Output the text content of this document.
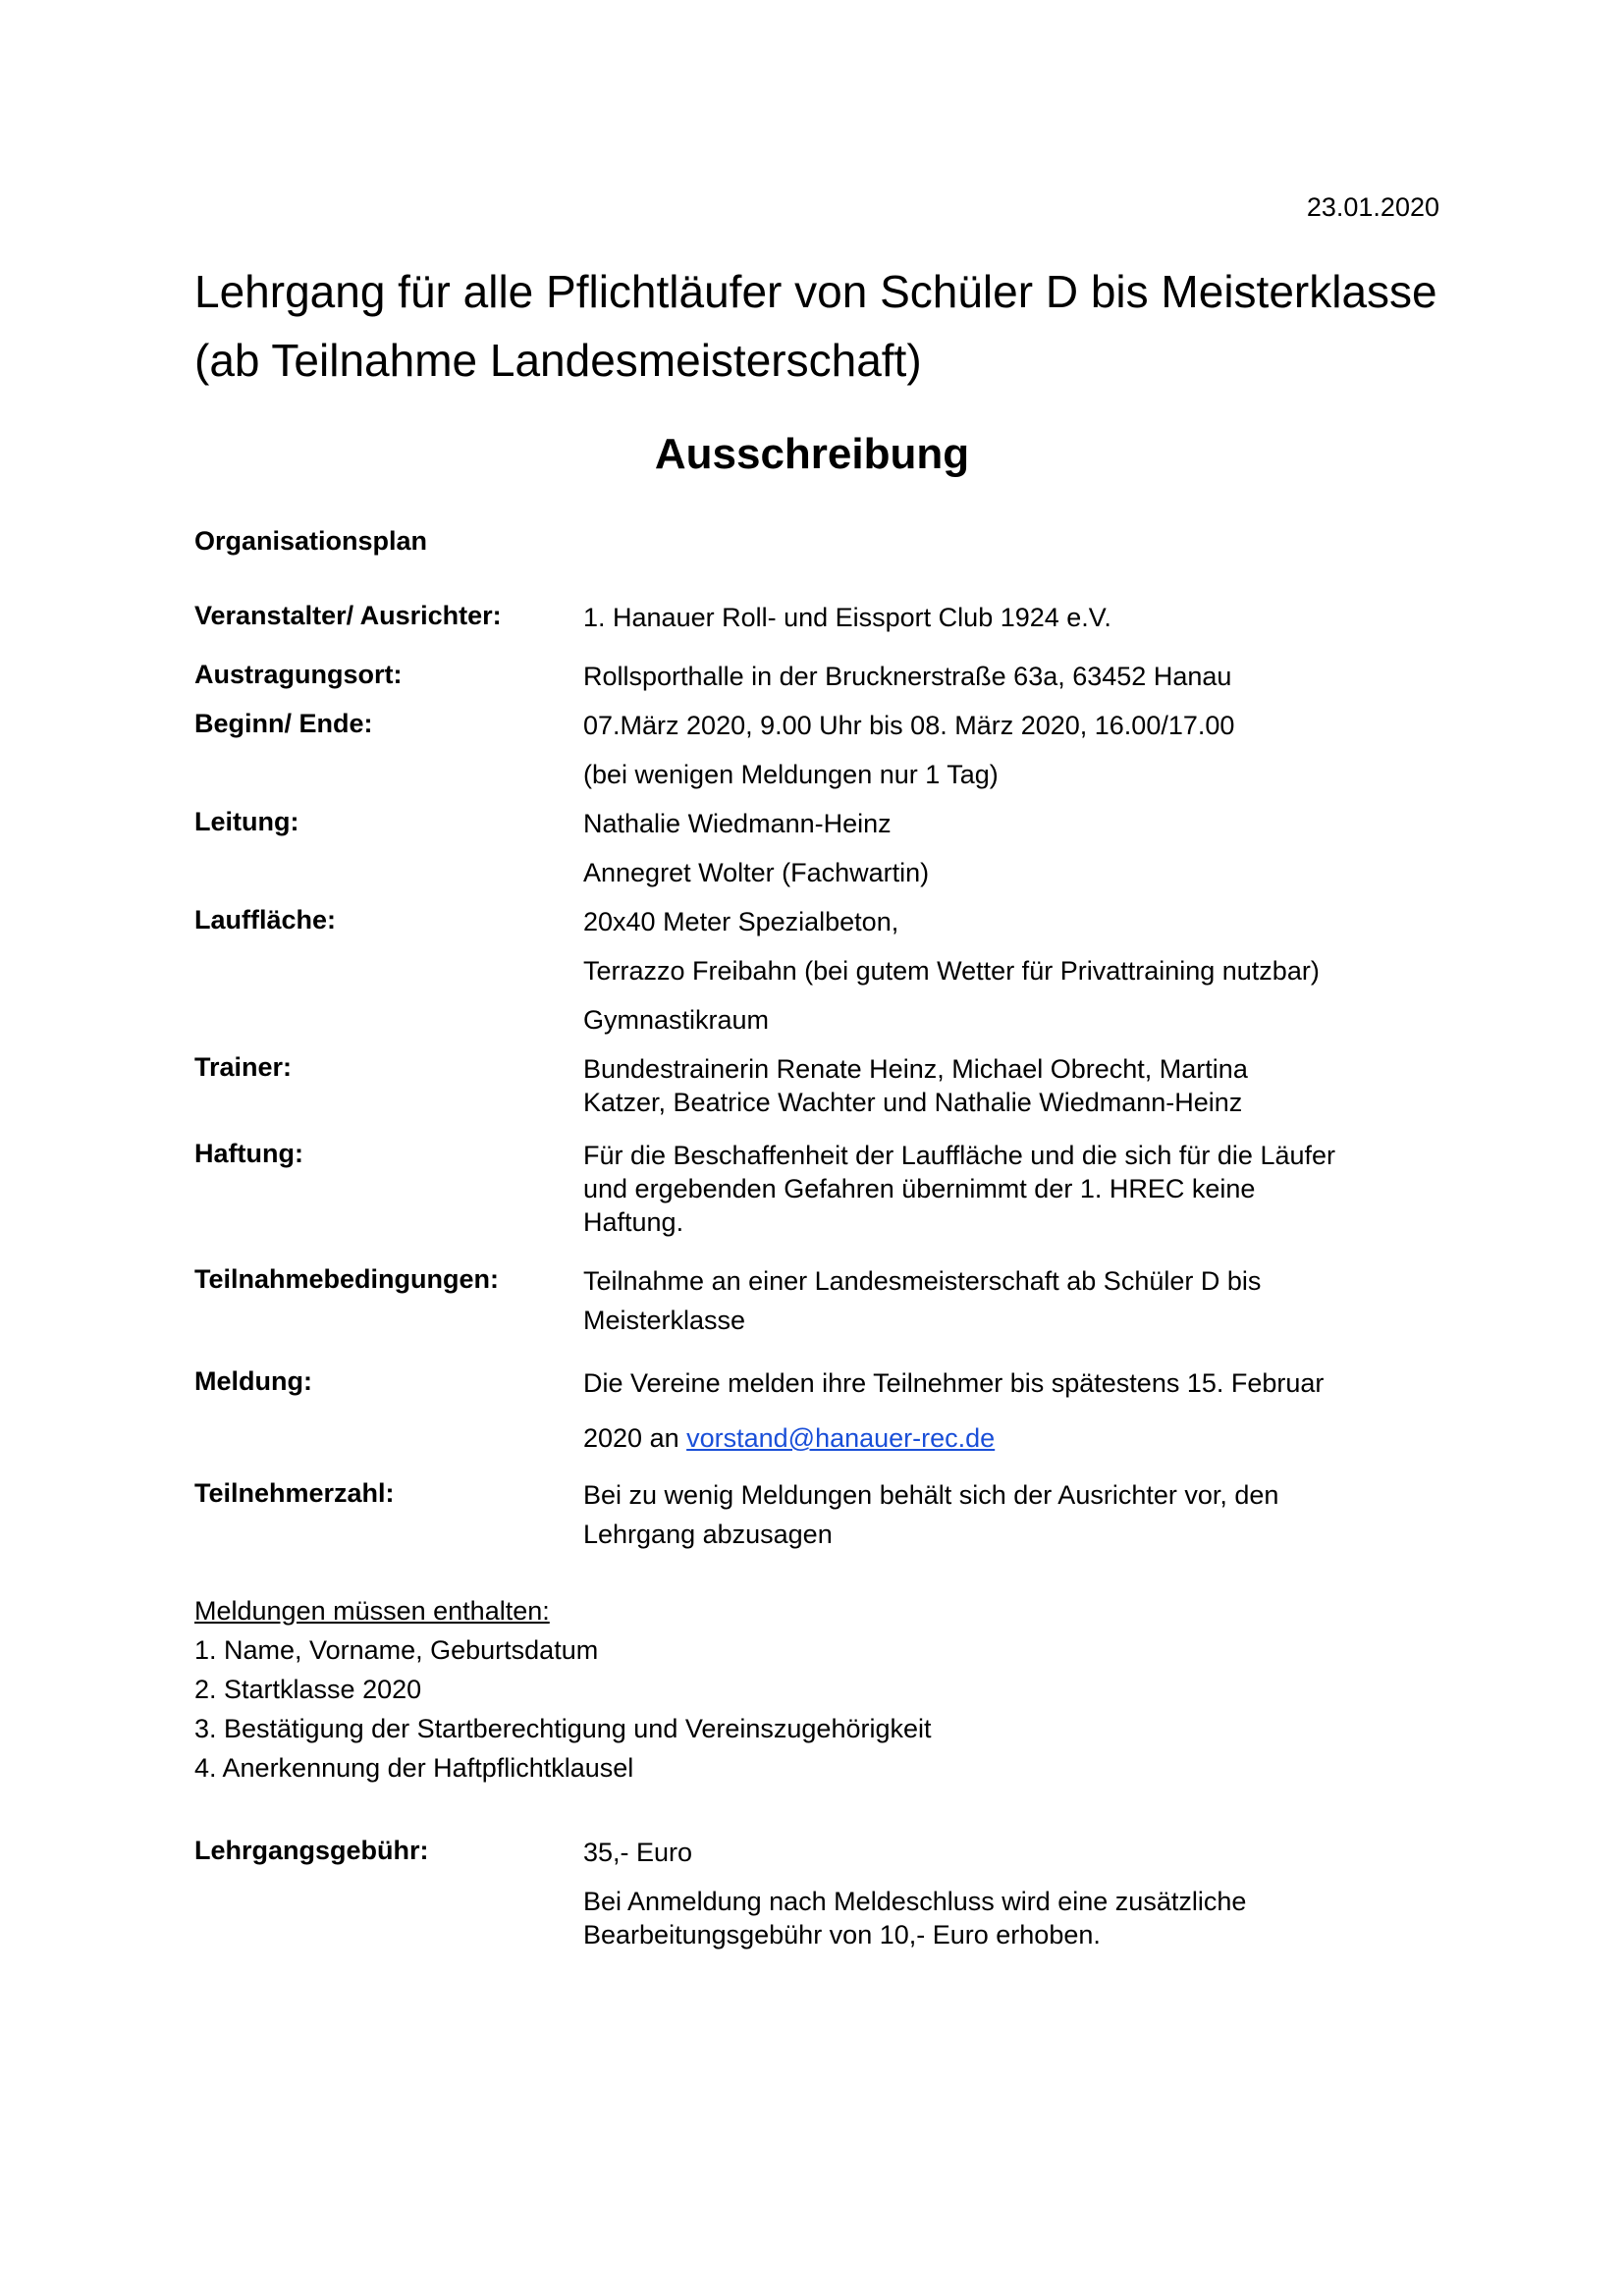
23.01.2020
Lehrgang für alle Pflichtläufer von Schüler D bis Meisterklasse
(ab Teilnahme Landesmeisterschaft)
Ausschreibung
Organisationsplan
Veranstalter/ Ausrichter:	1. Hanauer Roll- und Eissport Club 1924 e.V.
Austragungsort:	Rollsporthalle in der Brucknerstraße 63a, 63452 Hanau
Beginn/ Ende:	07.März 2020, 9.00 Uhr bis 08. März 2020, 16.00/17.00
(bei wenigen Meldungen nur 1 Tag)
Leitung:	Nathalie Wiedmann-Heinz
Annegret Wolter (Fachwartin)
Lauffläche:	20x40 Meter Spezialbeton,
Terrazzo Freibahn (bei gutem Wetter für Privattraining nutzbar)
Gymnastikraum
Trainer:	Bundestrainerin Renate Heinz, Michael Obrecht, Martina
Katzer, Beatrice Wachter und Nathalie Wiedmann-Heinz
Haftung:	Für die Beschaffenheit der Lauffläche und die sich für die Läufer
und ergebenden Gefahren übernimmt der 1. HREC keine
Haftung.
Teilnahmebedingungen:	Teilnahme an einer Landesmeisterschaft ab Schüler D bis
Meisterklasse
Meldung:	Die Vereine melden ihre Teilnehmer bis spätestens 15. Februar
2020 an vorstand@hanauer-rec.de
Teilnehmerzahl:	Bei zu wenig Meldungen behält sich der Ausrichter vor, den
Lehrgang abzusagen
Meldungen müssen enthalten:
1. Name, Vorname, Geburtsdatum
2. Startklasse 2020
3. Bestätigung der Startberechtigung und Vereinszugehörigkeit
4. Anerkennung der Haftpflichtklausel
Lehrgangsgebühr:	35,- Euro
Bei Anmeldung nach Meldeschluss wird eine zusätzliche
Bearbeitungsgebühr von 10,- Euro erhoben.
